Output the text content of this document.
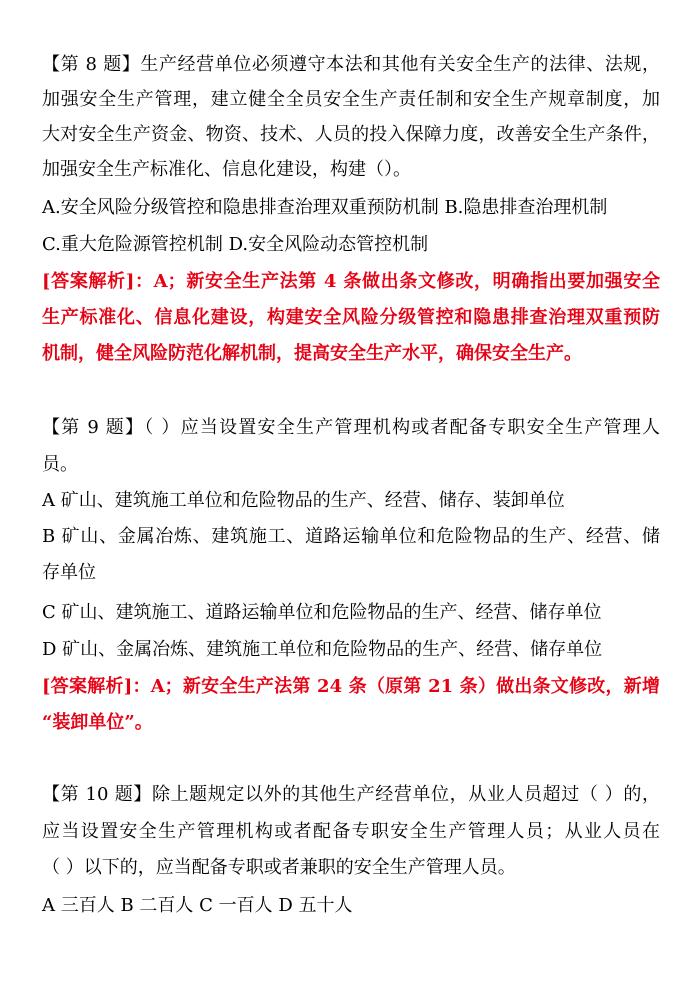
【第 8 题】生产经营单位必须遵守本法和其他有关安全生产的法律、法规，
加强安全生产管理，建立健全全员安全生产责任制和安全生产规章制度，加
大对安全生产资金、物资、技术、人员的投入保障力度，改善安全生产条件，
加强安全生产标准化、信息化建设，构建（）。
A.安全风险分级管控和隐患排查治理双重预防机制 B.隐患排查治理机制
C.重大危险源管控机制 D.安全风险动态管控机制
[答案解析]：A；新安全生产法第 4 条做出条文修改，明确指出要加强安全
生产标准化、信息化建设，构建安全风险分级管控和隐患排查治理双重预防
机制，健全风险防范化解机制，提高安全生产水平，确保安全生产。
【第 9 题】（ ）应当设置安全生产管理机构或者配备专职安全生产管理人
员。
A 矿山、建筑施工单位和危险物品的生产、经营、储存、装卸单位
B 矿山、金属冶炼、建筑施工、道路运输单位和危险物品的生产、经营、储
存单位
C 矿山、建筑施工、道路运输单位和危险物品的生产、经营、储存单位
D 矿山、金属冶炼、建筑施工单位和危险物品的生产、经营、储存单位
[答案解析]：A；新安全生产法第 24 条（原第 21 条）做出条文修改，新增
“装卸单位”。
【第 10 题】除上题规定以外的其他生产经营单位，从业人员超过（ ）的，
应当设置安全生产管理机构或者配备专职安全生产管理人员；从业人员在
（ ）以下的，应当配备专职或者兼职的安全生产管理人员。
A 三百人 B 二百人 C 一百人 D 五十人
